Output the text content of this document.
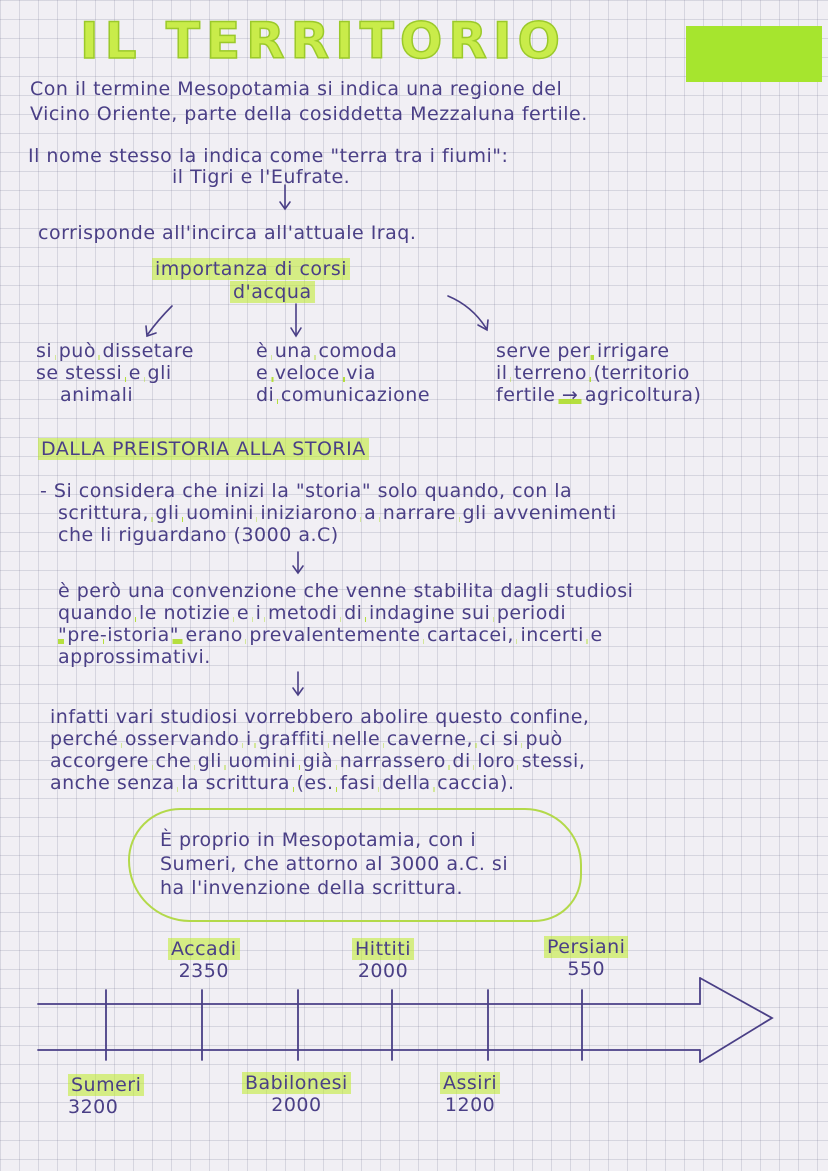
IL TERRITORIO
Con il termine Mesopotamia si indica una regione del
Vicino Oriente, parte della cosiddetta Mezzaluna fertile.
Il nome stesso la indica come "terra tra i fiumi":
il Tigri e l'Eufrate.
corrisponde all'incirca all'attuale Iraq.
importanza di corsi
d'acqua
si può dissetare
se stessi e gli
animali
è una comoda
e veloce via
di comunicazione
serve per irrigare
il terreno (territorio
fertile → agricoltura)
DALLA PREISTORIA ALLA STORIA
- Si considera che inizi la "storia" solo quando, con la
scrittura, gli uomini iniziarono a narrare gli avvenimenti
che li riguardano (3000 a.C)
è però una convenzione che venne stabilita dagli studiosi
quando le notizie e i metodi di indagine sui periodi
"pre-istoria" erano prevalentemente cartacei, incerti e
approssimativi.
infatti vari studiosi vorrebbero abolire questo confine,
perché osservando i graffiti nelle caverne, ci si può
accorgere che gli uomini già narrassero di loro stessi,
anche senza la scrittura (es. fasi della caccia).
È proprio in Mesopotamia, con i
Sumeri, che attorno al 3000 a.C. si
ha l'invenzione della scrittura.
Accadi
2350
Hittiti
2000
Persiani
550
Sumeri
3200
Babilonesi
2000
Assiri
1200
